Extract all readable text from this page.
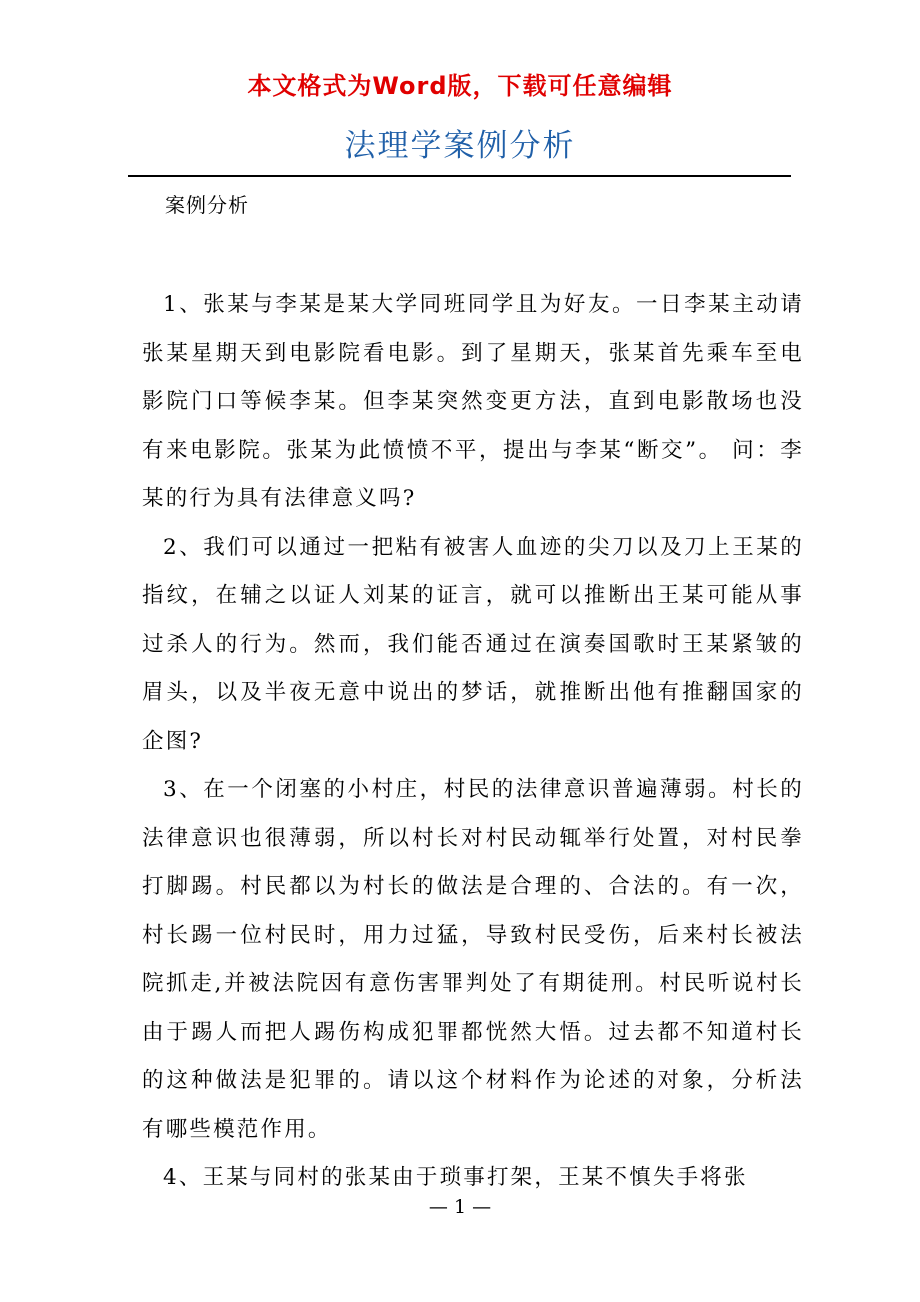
本文格式为Word版，下载可任意编辑
法理学案例分析
案例分析

1、张某与李某是某大学同班同学且为好友。一日李某主动请张某星期天到电影院看电影。到了星期天，张某首先乘车至电影院门口等候李某。但李某突然变更方法，直到电影散场也没有来电影院。张某为此愤愤不平，提出与李某“断交”。 问：李某的行为具有法律意义吗?

2、我们可以通过一把粘有被害人血迹的尖刀以及刀上王某的指纹，在辅之以证人刘某的证言，就可以推断出王某可能从事过杀人的行为。然而，我们能否通过在演奏国歌时王某紧皱的眉头，以及半夜无意中说出的梦话，就推断出他有推翻国家的企图?

3、在一个闭塞的小村庄，村民的法律意识普遍薄弱。村长的法律意识也很薄弱，所以村长对村民动辄举行处置，对村民拳打脚踢。村民都以为村长的做法是合理的、合法的。有一次，村长踢一位村民时，用力过猛，导致村民受伤，后来村长被法院抓走,并被法院因有意伤害罪判处了有期徒刑。村民听说村长由于踢人而把人踢伤构成犯罪都恍然大悟。过去都不知道村长的这种做法是犯罪的。请以这个材料作为论述的对象，分析法有哪些模范作用。

4、王某与同村的张某由于琐事打架，王某不慎失手将张

— 1 —
